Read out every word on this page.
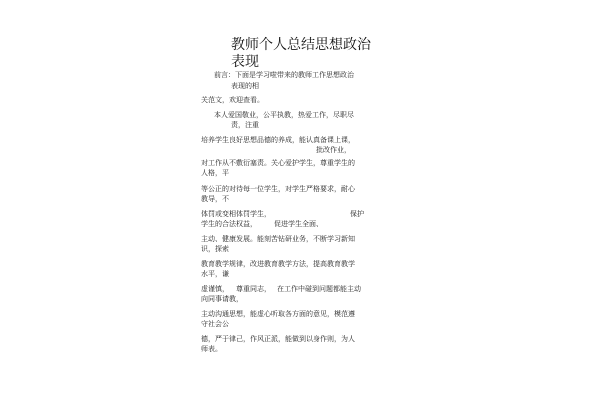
教师个人总结思想政治表现

前言：下面是学习啦带来的教师工作思想政治

表现的相

关范文，欢迎查看。

本人爱国敬业，公平执教，热爱工作，尽职尽

责，注重

培养学生良好思想品德的养成，能认真备课上课，

批改作业，

对工作从不敷衍塞责。关心爱护学生，尊重学生的

人格，平

等公正的对待每一位学生，对学生严格要求，耐心

教导，不

体罚或变相体罚学生，	保护

学生的合法权益， 促进学生全面、

主动、健康发展。能刻苦钻研业务，不断学习新知

识，探索

教育教学规律，改进教育教学方法，提高教育教学

水平，谦

虚谨慎， 尊重同志， 在工作中碰到问题都能主动

向同事请教，

主动沟通思想，能虚心听取各方面的意见，模范遵

守社会公

德，严于律己，作风正派，能做到以身作则，为人

师表。
